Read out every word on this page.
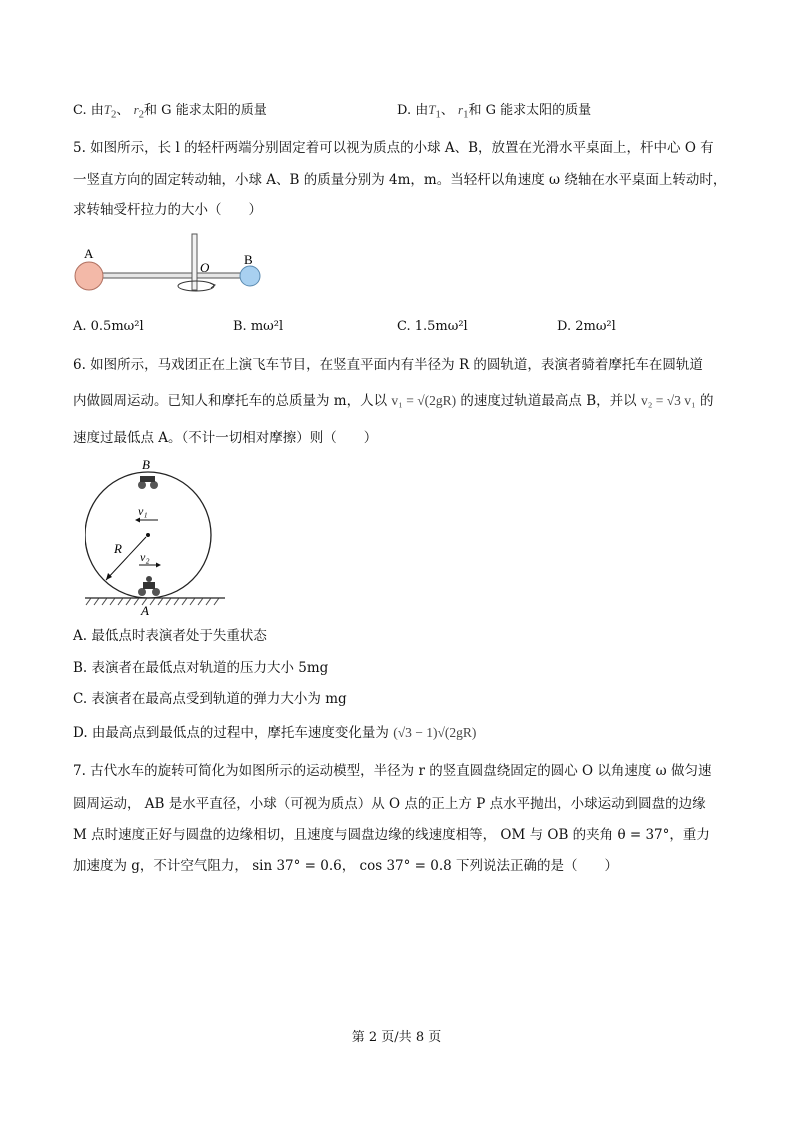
C. 由$T_2$、 $r_2$和 G 能求太阳的质量	D. 由$T_1$、 $r_1$和 G 能求太阳的质量
5. 如图所示，长 l 的轻杆两端分别固定着可以视为质点的小球 A、B，放置在光滑水平桌面上，杆中心 O 有
一竖直方向的固定转动轴，小球 A、B 的质量分别为 4m，m。当轻杆以角速度 ω 绕轴在水平桌面上转动时，
求转轴受杆拉力的大小（　　）
A	B
O
A. 0.5mω²l	B. mω²l	C. 1.5mω²l	D. 2mω²l
6. 如图所示，马戏团正在上演飞车节目，在竖直平面内有半径为 R 的圆轨道，表演者骑着摩托车在圆轨道
内做圆周运动。已知人和摩托车的总质量为 m，人以 v₁ = √(2gR) 的速度过轨道最高点 B，并以 v₂ = √3 v₁ 的
速度过最低点 A。（不计一切相对摩擦）则（　　）
B
A
R
v₁
v₂
A. 最低点时表演者处于失重状态
B. 表演者在最低点对轨道的压力大小 5mg
C. 表演者在最高点受到轨道的弹力大小为 mg
D. 由最高点到最低点的过程中，摩托车速度变化量为 (√3 − 1)√(2gR)
7. 古代水车的旋转可简化为如图所示的运动模型，半径为 r 的竖直圆盘绕固定的圆心 O 以角速度 ω 做匀速
圆周运动， AB 是水平直径，小球（可视为质点）从 O 点的正上方 P 点水平抛出，小球运动到圆盘的边缘
M 点时速度正好与圆盘的边缘相切，且速度与圆盘边缘的线速度相等， OM 与 OB 的夹角 θ = 37°，重力
加速度为 g，不计空气阻力， sin 37° = 0.6， cos 37° = 0.8 下列说法正确的是（　　）
第 2 页/共 8 页
